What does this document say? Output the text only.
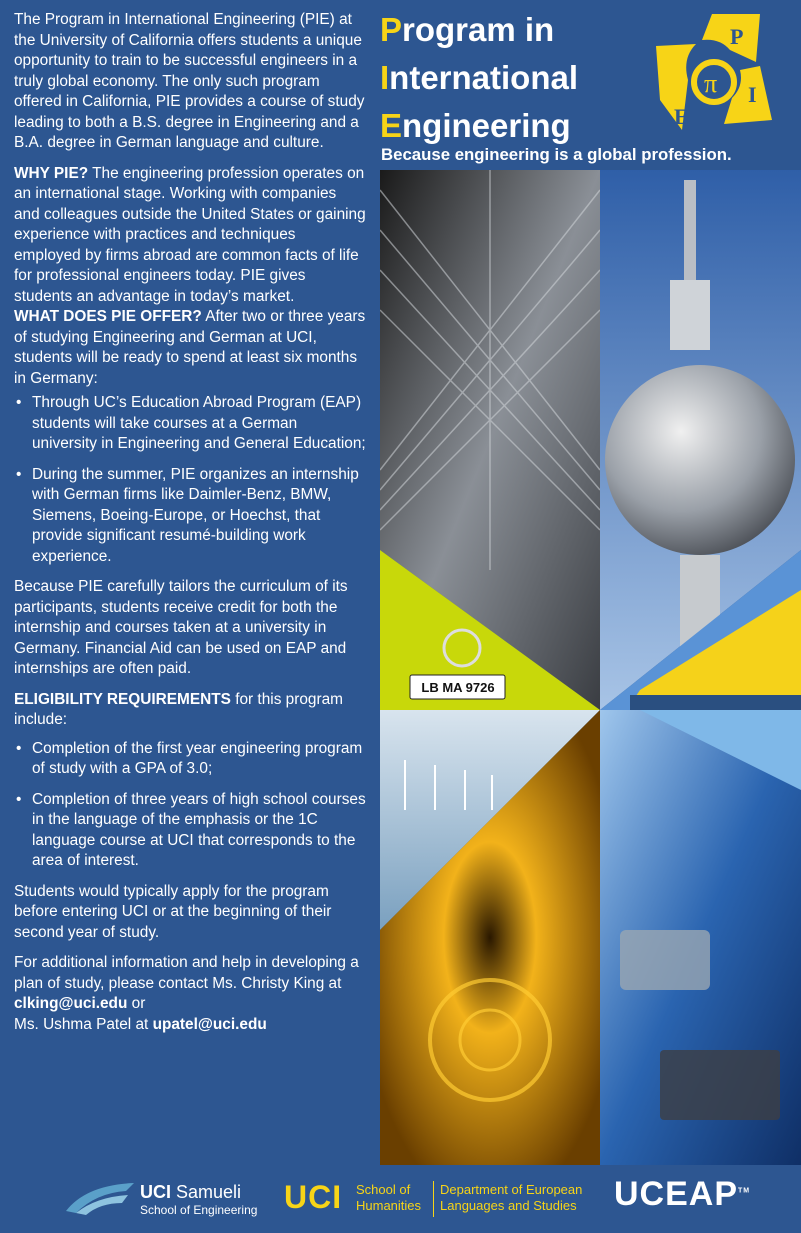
The Program in International Engineering (PIE) at the University of California offers students a unique opportunity to train to be successful engineers in a truly global economy. The only such program offered in California, PIE provides a course of study leading to both a B.S. degree in Engineering and a B.A. degree in German language and culture.

WHY PIE? The engineering profession operates on an international stage. Working with companies and colleagues outside the United States or gaining experience with practices and techniques employed by firms abroad are common facts of life for professional engineers today. PIE gives students an advantage in today’s market.

WHAT DOES PIE OFFER? After two or three years of studying Engineering and German at UCI, students will be ready to spend at least six months in Germany:

• Through UC’s Education Abroad Program (EAP) students will take courses at a German university in Engineering and General Education;
• During the summer, PIE organizes an internship with German firms like Daimler-Benz, BMW, Siemens, Boeing-Europe, or Hoechst, that provide significant resumé-building work experience.

Because PIE carefully tailors the curriculum of its participants, students receive credit for both the internship and courses taken at a university in Germany. Financial Aid can be used on EAP and internships are often paid.

ELIGIBILITY REQUIREMENTS for this program include:

• Completion of the first year engineering program of study with a GPA of 3.0;
• Completion of three years of high school courses in the language of the emphasis or the 1C language course at UCI that corresponds to the area of interest.

Students would typically apply for the program before entering UCI or at the beginning of their second year of study.

For additional information and help in developing a plan of study, please contact Ms. Christy King at clking@uci.edu or
Ms. Ushma Patel at upatel@uci.edu

Program in
International
Engineering
Because engineering is a global profession.
P
I
E
π
LB MA 9726
UCI Samueli
School of Engineering UCI School of
Humanities
Department of European
Languages and Studies UCEAP™
